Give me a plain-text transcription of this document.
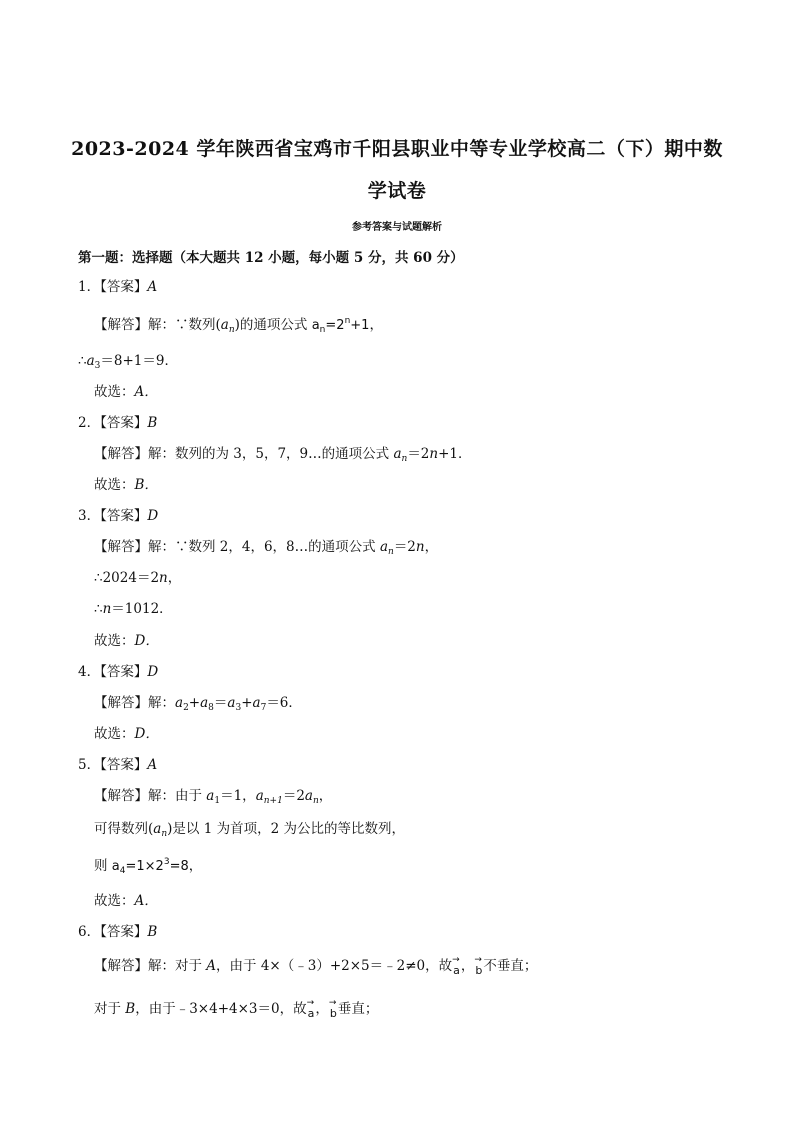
2023-2024 学年陕西省宝鸡市千阳县职业中等专业学校高二（下）期中数
学试卷
参考答案与试题解析
第一题：选择题（本大题共 12 小题，每小题 5 分，共 60 分）
1．【答案】A
【解答】解：∵数列$(a_n)$的通项公式 $a_n=2^n+1$，
$\therefore a_3=8+1=9$．
故选：A．
2．【答案】B
【解答】解：数列的为 3，5，7，9…的通项公式 $a_n=2n+1$．
故选：B．
3．【答案】D
【解答】解：∵数列 2，4，6，8…的通项公式 $a_n=2n$，
∴2024＝2n，
∴n＝1012．
故选：D．
4．【答案】D
【解答】解：$a_2+a_8=a_3+a_7=6$．
故选：D．
5．【答案】A
【解答】解：由于 $a_1=1$，$a_{n+1}=2a_n$，
可得数列$(a_n)$是以 1 为首项，2 为公比的等比数列，
则 $a_4=1\times 2^3=8$，
故选：A．
6．【答案】B
【解答】解：对于 A，由于 4×（﹣3）+2×5＝﹣2≠0，故→ a，→ b不垂直；
对于 B，由于﹣3×4+4×3＝0，故→ a，→ b垂直；
